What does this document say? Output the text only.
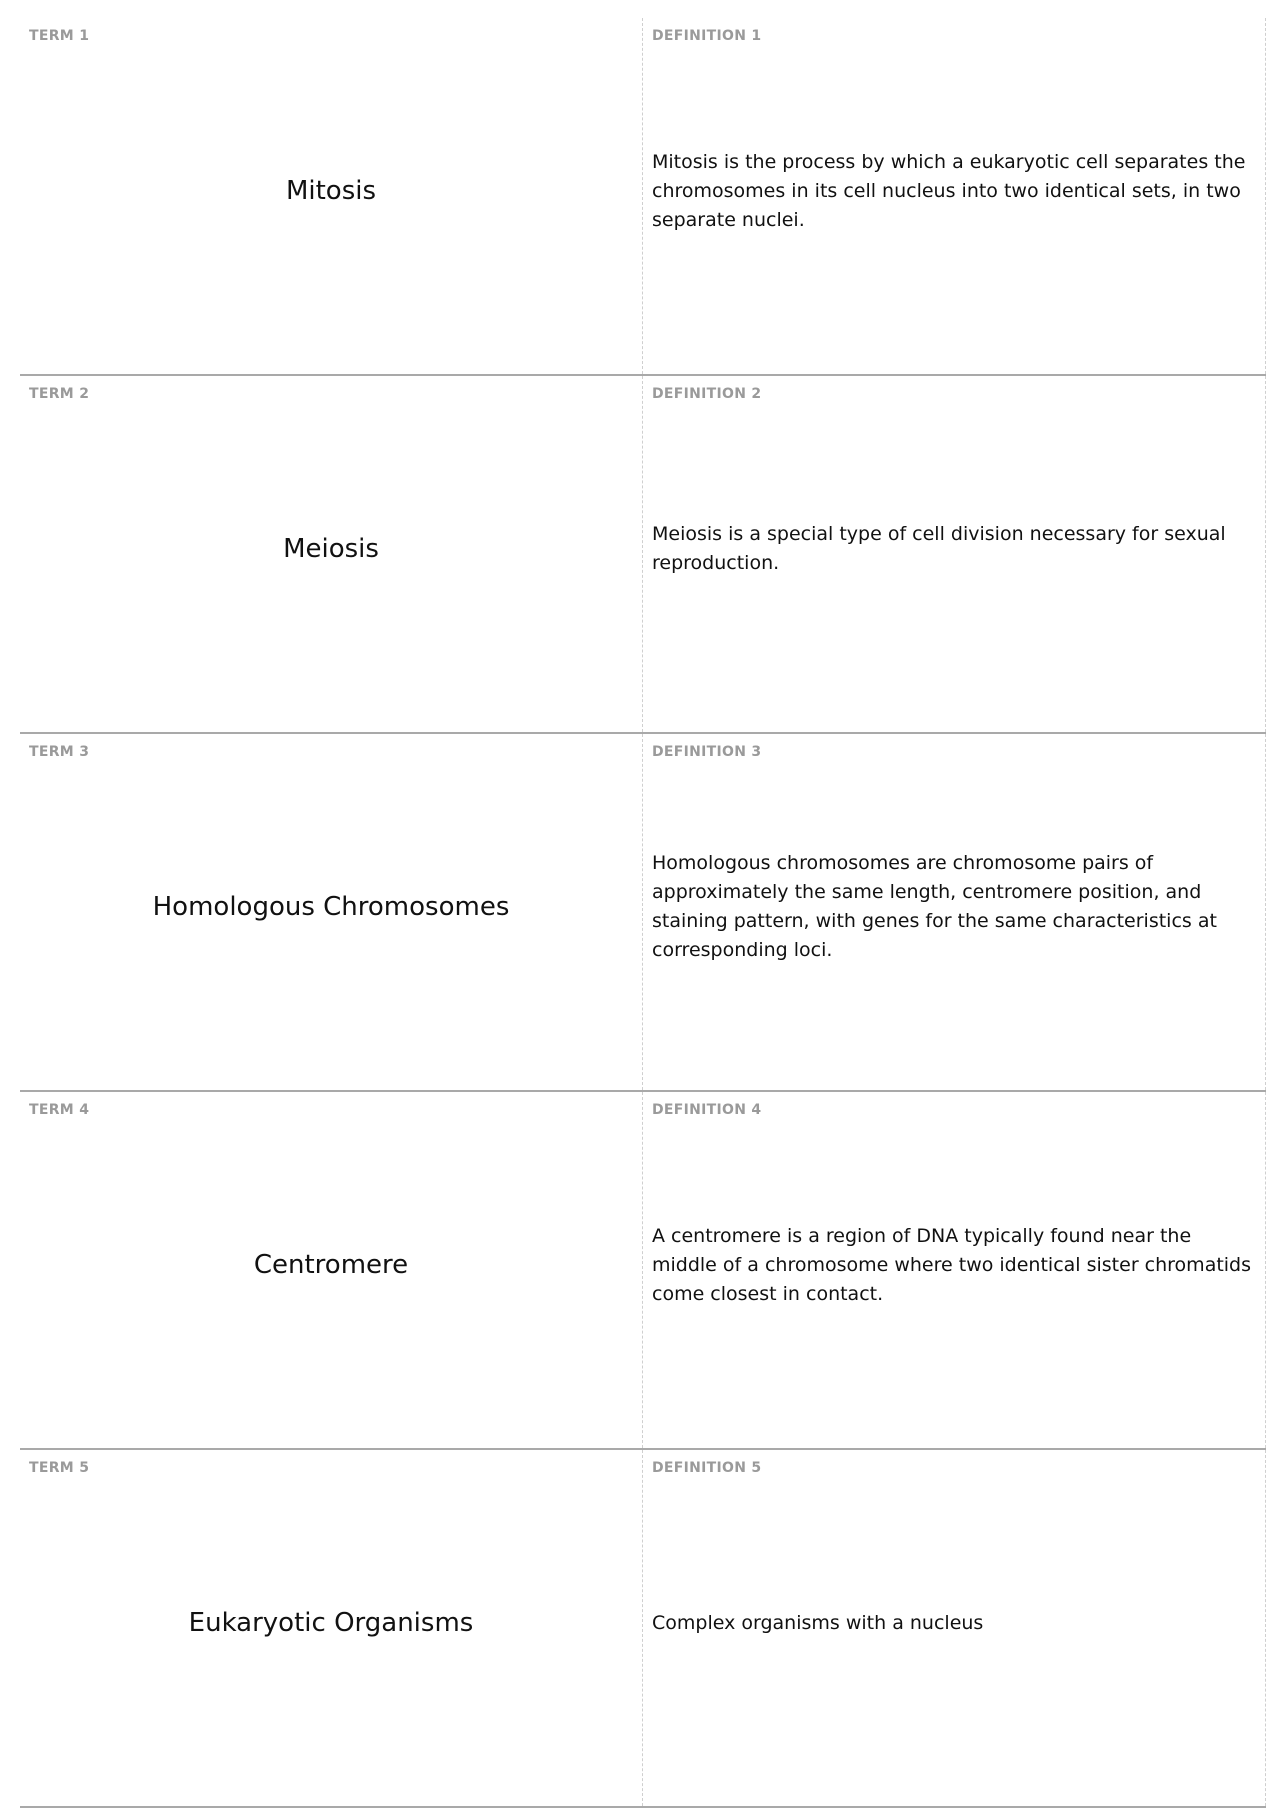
TERM 1
Mitosis
DEFINITION 1
Mitosis is the process by which a eukaryotic cell separates the chromosomes in its cell nucleus into two identical sets, in two separate nuclei.
TERM 2
Meiosis
DEFINITION 2
Meiosis is a special type of cell division necessary for sexual reproduction.
TERM 3
Homologous Chromosomes
DEFINITION 3
Homologous chromosomes are chromosome pairs of approximately the same length, centromere position, and staining pattern, with genes for the same characteristics at corresponding loci.
TERM 4
Centromere
DEFINITION 4
A centromere is a region of DNA typically found near the middle of a chromosome where two identical sister chromatids come closest in contact.
TERM 5
Eukaryotic Organisms
DEFINITION 5
Complex organisms with a nucleus
